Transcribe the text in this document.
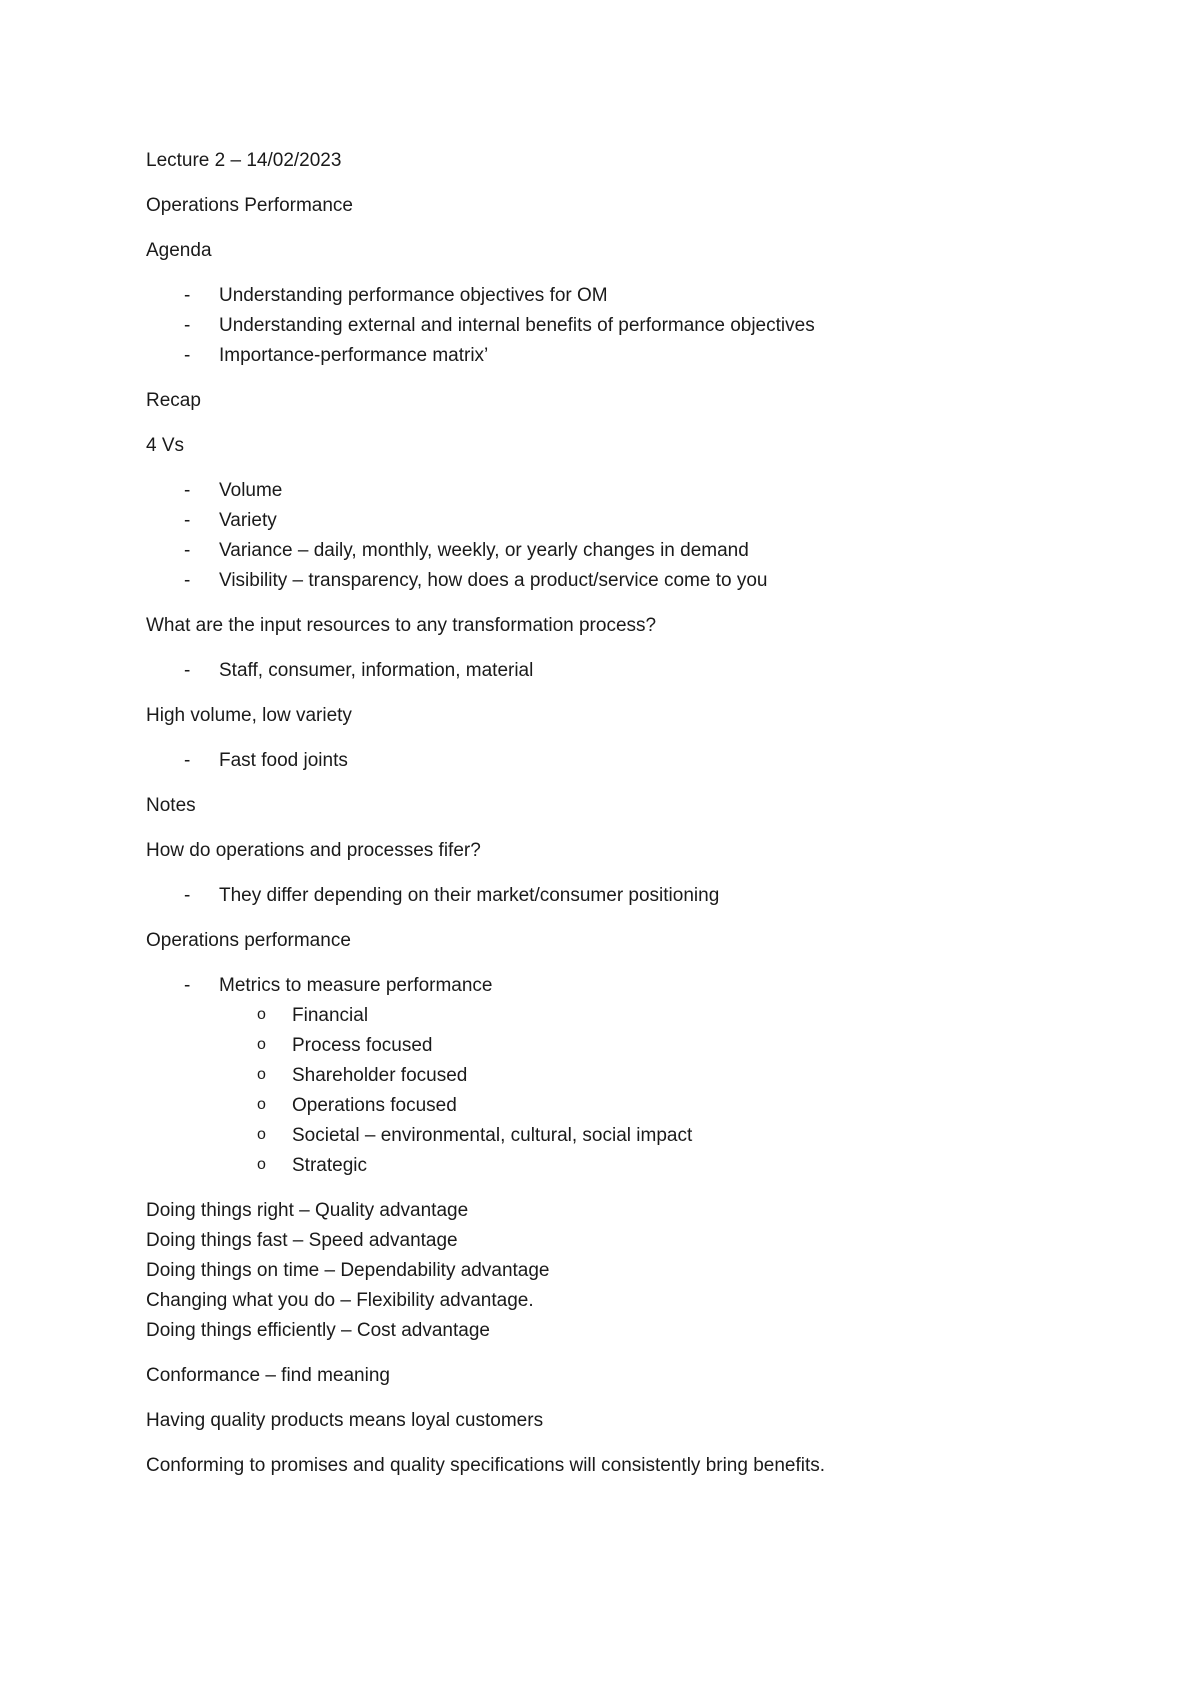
Lecture 2 – 14/02/2023

Operations Performance

Agenda

- Understanding performance objectives for OM
- Understanding external and internal benefits of performance objectives
- Importance-performance matrix’

Recap

4 Vs

- Volume
- Variety
- Variance – daily, monthly, weekly, or yearly changes in demand
- Visibility – transparency, how does a product/service come to you

What are the input resources to any transformation process?

- Staff, consumer, information, material

High volume, low variety

- Fast food joints

Notes

How do operations and processes fifer?

- They differ depending on their market/consumer positioning

Operations performance

- Metrics to measure performance
o Financial
o Process focused
o Shareholder focused
o Operations focused
o Societal – environmental, cultural, social impact
o Strategic

Doing things right – Quality advantage

Doing things fast – Speed advantage

Doing things on time – Dependability advantage

Changing what you do – Flexibility advantage.

Doing things efficiently – Cost advantage

Conformance – find meaning

Having quality products means loyal customers

Conforming to promises and quality specifications will consistently bring benefits.
